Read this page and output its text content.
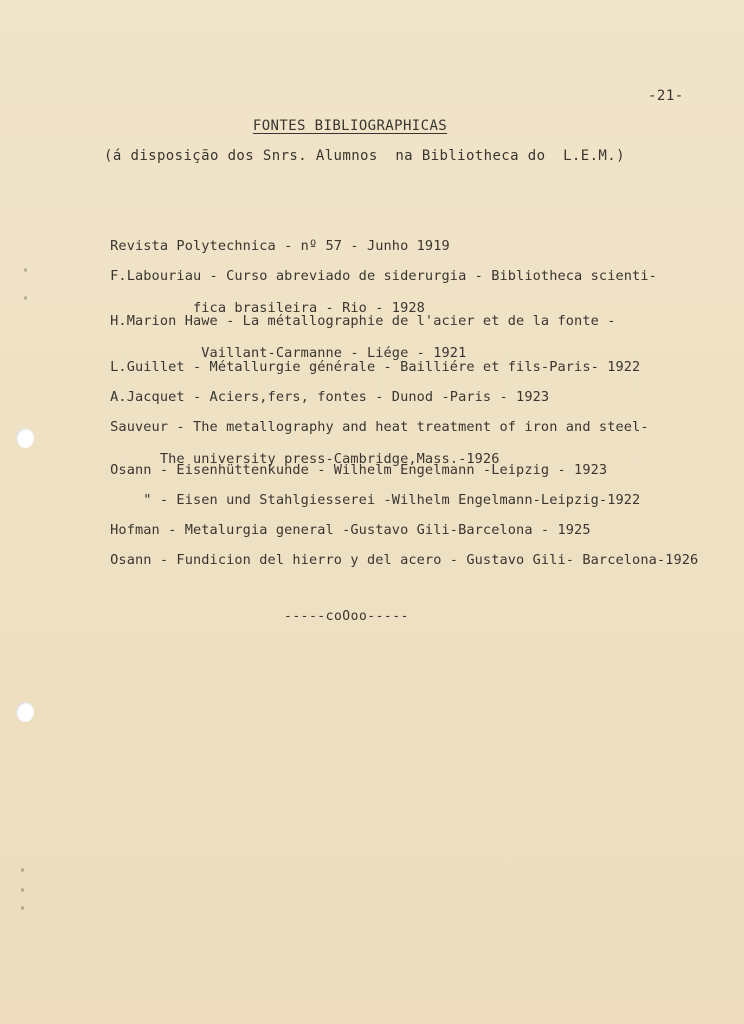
-21-
FONTES BIBLIOGRAPHICAS
(á disposição dos Snrs. Alumnos  na Bibliotheca do  L.E.M.)

Revista Polytechnica - nº 57 - Junho 1919

F.Labouriau - Curso abreviado de siderurgia - Bibliotheca scienti-

fica brasileira - Rio - 1928

H.Marion Hawe - La métallographie de l'acier et de la fonte -

Vaillant-Carmanne - Liége - 1921

L.Guillet - Métallurgie générale - Bailliére et fils-Paris- 1922

A.Jacquet - Aciers,fers, fontes - Dunod -Paris - 1923

Sauveur - The metallography and heat treatment of iron and steel-

The university press-Cambridge,Mass.-1926

Osann - Eisenhüttenkunde - Wilhelm Engelmann -Leipzig - 1923

" - Eisen und Stahlgiesserei -Wilhelm Engelmann-Leipzig-1922

Hofman - Metalurgia general -Gustavo Gili-Barcelona - 1925

Osann - Fundicion del hierro y del acero - Gustavo Gili- Barcelona-1926

-----coOoo-----
